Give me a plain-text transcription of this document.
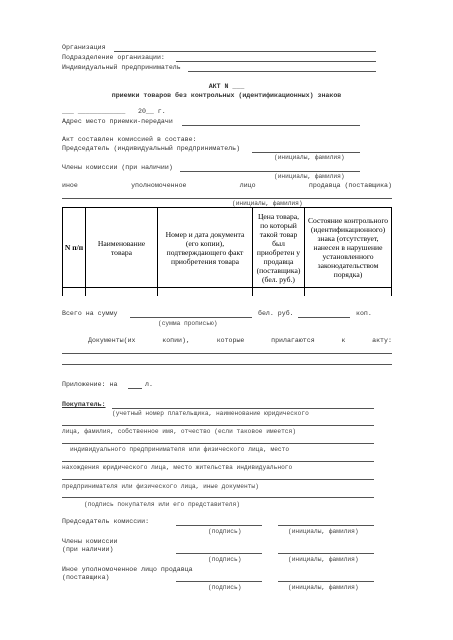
Организация
Подразделение организации:
Индивидуальный предприниматель
АКТ N ___
приемки товаров без контрольных (идентификационных) знаков
___ ____________ 20__ г.
Адрес место приемки-передачи
Акт составлен комиссией в составе:
Председатель (индивидуальный предприниматель)
(инициалы, фамилия)
Члены комиссии (при наличии)
(инициалы, фамилия)
иное	уполномоченное	лицо	продавца (поставщика)
(инициалы, фамилия)
N п/п	Наименование товара	Номер и дата документа (его копии), подтверждающего факт приобретения товара	Цена товара, по который такой товар был приобретен у продавца (поставщика) (бел. руб.)	Состояние контрольного (идентификационного) знака (отсутствует, нанесен в нарушение установленного законодательством порядка)

Всего на сумму	бел. руб.	коп.
(сумма прописью)
Документы(их	копии),	которые	прилагаются	к	акту:
Приложение: на	л.
Покупатель:
(учетный номер плательщика, наименование юридического
лица, фамилия, собственное имя, отчество (если таковое имеется)
индивидуального предпринимателя или физического лица, место
нахождения юридического лица, место жительства индивидуального
предпринимателя или физического лица, иные документы)
(подпись покупателя или его представителя)
Председатель комиссии:
(подпись)	(инициалы, фамилия)
Члены комиссии
(при наличии)
(подпись)	(инициалы, фамилия)
Иное уполномоченное лицо продавца
(поставщика)
(подпись)	(инициалы, фамилия)
